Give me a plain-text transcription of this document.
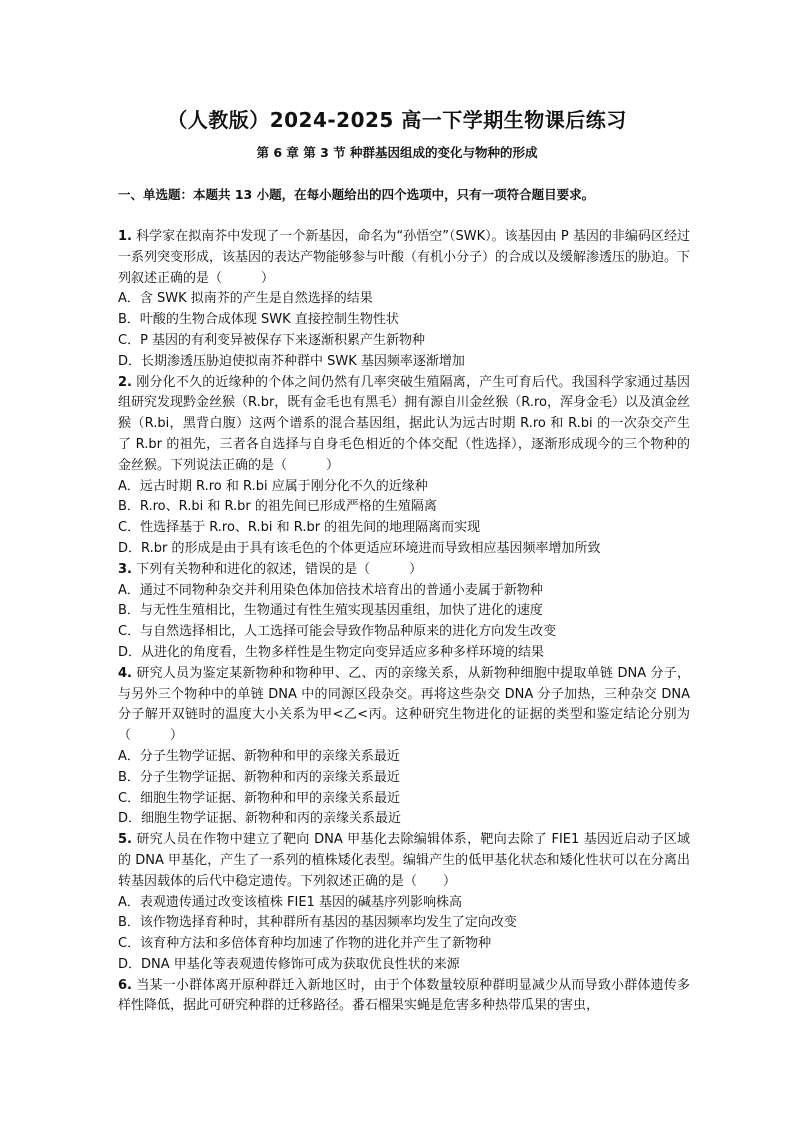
（人教版）2024-2025 高一下学期生物课后练习
第 6 章 第 3 节 种群基因组成的变化与物种的形成
一、单选题：本题共 13 小题，在每小题给出的四个选项中，只有一项符合题目要求。

1. 科学家在拟南芥中发现了一个新基因，命名为“孙悟空”（SWK）。该基因由 P 基因的非编码区经过一系列突变形成，该基因的表达产物能够参与叶酸（有机小分子）的合成以及缓解渗透压的胁迫。下列叙述正确的是（　　　）

A．含 SWK 拟南芥的产生是自然选择的结果

B．叶酸的生物合成体现 SWK 直接控制生物性状

C．P 基因的有利变异被保存下来逐渐积累产生新物种

D．长期渗透压胁迫使拟南芥种群中 SWK 基因频率逐渐增加

2. 刚分化不久的近缘种的个体之间仍然有几率突破生殖隔离，产生可育后代。我国科学家通过基因组研究发现黔金丝猴（R.br，既有金毛也有黑毛）拥有源自川金丝猴（R.ro，浑身金毛）以及滇金丝猴（R.bi，黑背白腹）这两个谱系的混合基因组，据此认为远古时期 R.ro 和 R.bi 的一次杂交产生了 R.br 的祖先，三者各自选择与自身毛色相近的个体交配（性选择），逐渐形成现今的三个物种的金丝猴。下列说法正确的是（　　　）

A．远古时期 R.ro 和 R.bi 应属于刚分化不久的近缘种

B．R.ro、R.bi 和 R.br 的祖先间已形成严格的生殖隔离

C．性选择基于 R.ro、R.bi 和 R.br 的祖先间的地理隔离而实现

D．R.br 的形成是由于具有该毛色的个体更适应环境进而导致相应基因频率增加所致

3. 下列有关物种和进化的叙述，错误的是（　　　）

A．通过不同物种杂交并利用染色体加倍技术培育出的普通小麦属于新物种

B．与无性生殖相比，生物通过有性生殖实现基因重组，加快了进化的速度

C．与自然选择相比，人工选择可能会导致作物品种原来的进化方向发生改变

D．从进化的角度看，生物多样性是生物定向变异适应多种多样环境的结果

4. 研究人员为鉴定某新物种和物种甲、乙、丙的亲缘关系，从新物种细胞中提取单链 DNA 分子，与另外三个物种中的单链 DNA 中的同源区段杂交。再将这些杂交 DNA 分子加热，三种杂交 DNA 分子解开双链时的温度大小关系为甲<乙<丙。这种研究生物进化的证据的类型和鉴定结论分别为（　　　）

A．分子生物学证据、新物种和甲的亲缘关系最近

B．分子生物学证据、新物种和丙的亲缘关系最近

C．细胞生物学证据、新物种和甲的亲缘关系最近

D．细胞生物学证据、新物种和丙的亲缘关系最近

5. 研究人员在作物中建立了靶向 DNA 甲基化去除编辑体系，靶向去除了 FIE1 基因近启动子区域的 DNA 甲基化，产生了一系列的植株矮化表型。编辑产生的低甲基化状态和矮化性状可以在分离出转基因载体的后代中稳定遗传。下列叙述正确的是（　　）

A．表观遗传通过改变该植株 FIE1 基因的碱基序列影响株高

B．该作物选择育种时，其种群所有基因的基因频率均发生了定向改变

C．该育种方法和多倍体育种均加速了作物的进化并产生了新物种

D．DNA 甲基化等表观遗传修饰可成为获取优良性状的来源

6. 当某一小群体离开原种群迁入新地区时，由于个体数量较原种群明显减少从而导致小群体遗传多样性降低，据此可研究种群的迁移路径。番石榴果实蝇是危害多种热带瓜果的害虫，
